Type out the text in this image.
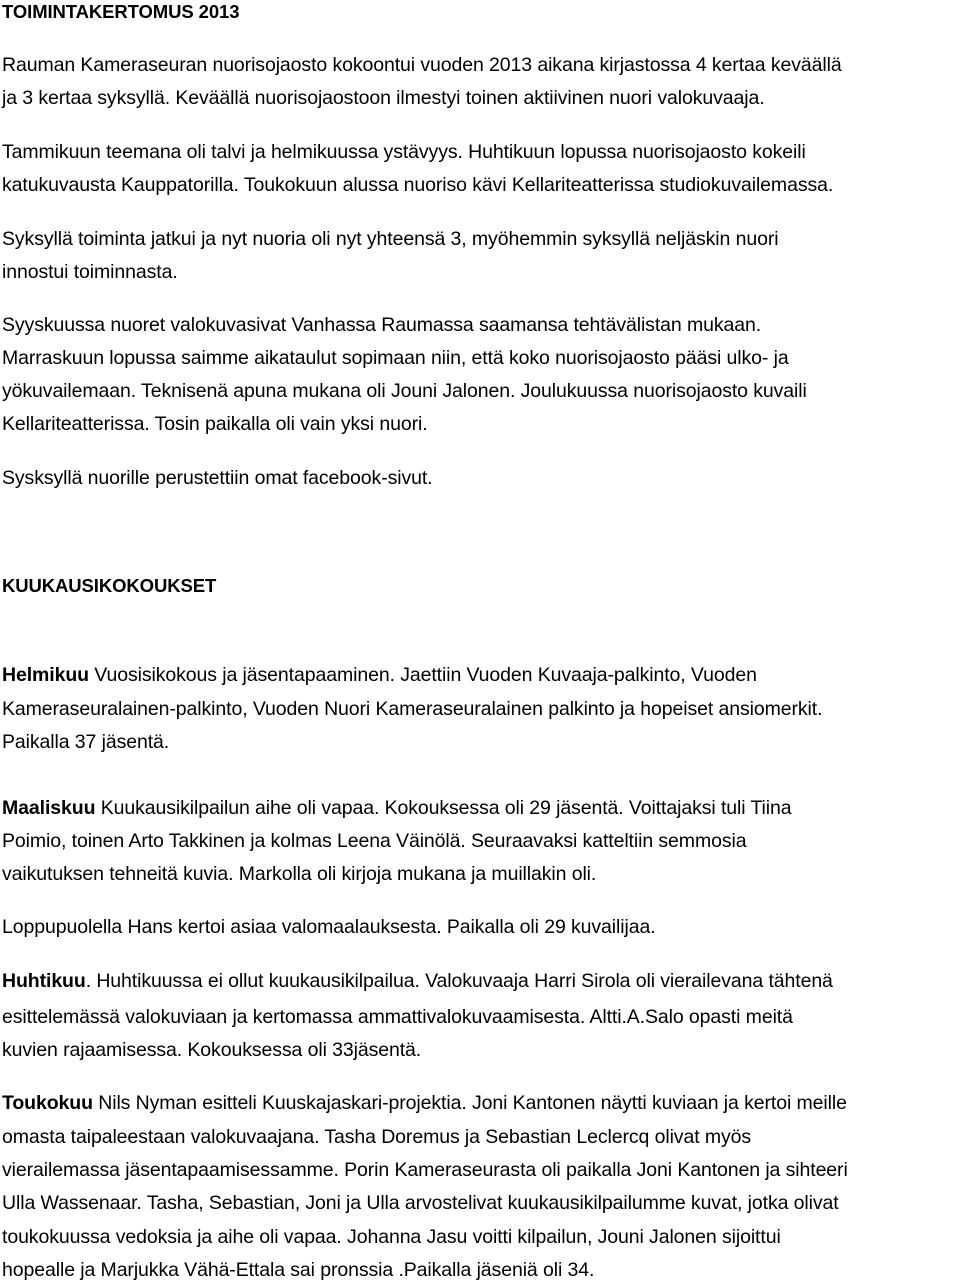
TOIMINTAKERTOMUS 2013
Rauman Kameraseuran nuorisojaosto kokoontui vuoden 2013 aikana kirjastossa 4 kertaa keväällä
ja 3 kertaa syksyllä. Keväällä nuorisojaostoon ilmestyi toinen aktiivinen nuori valokuvaaja.
Tammikuun teemana oli talvi ja helmikuussa ystävyys. Huhtikuun lopussa nuorisojaosto kokeili
katukuvausta Kauppatorilla. Toukokuun alussa nuoriso kävi Kellariteatterissa studiokuvailemassa.
Syksyllä toiminta jatkui ja nyt nuoria oli nyt yhteensä 3, myöhemmin syksyllä neljäskin nuori
innostui toiminnasta.
Syyskuussa nuoret valokuvasivat Vanhassa Raumassa saamansa tehtävälistan mukaan.
Marraskuun lopussa saimme aikataulut sopimaan niin, että koko nuorisojaosto pääsi ulko- ja
yökuvailemaan. Teknisenä apuna mukana oli Jouni Jalonen. Joulukuussa nuorisojaosto kuvaili
Kellariteatterissa. Tosin paikalla oli vain yksi nuori.
Sysksyllä nuorille perustettiin omat facebook-sivut.
KUUKAUSIKOKOUKSET
Helmikuu Vuosisikokous ja jäsentapaaminen. Jaettiin Vuoden Kuvaaja-palkinto, Vuoden
Kameraseuralainen-palkinto, Vuoden Nuori Kameraseuralainen palkinto ja hopeiset ansiomerkit.
Paikalla 37 jäsentä.
Maaliskuu Kuukausikilpailun aihe oli vapaa. Kokouksessa oli 29 jäsentä. Voittajaksi tuli Tiina
Poimio, toinen Arto Takkinen ja kolmas Leena Väinölä. Seuraavaksi katteltiin semmosia
vaikutuksen tehneitä kuvia. Markolla oli kirjoja mukana ja muillakin oli.
Loppupuolella Hans kertoi asiaa valomaalauksesta. Paikalla oli 29 kuvailijaa.
Huhtikuu. Huhtikuussa ei ollut kuukausikilpailua. Valokuvaaja Harri Sirola oli vierailevana tähtenä
esittelemässä valokuviaan ja kertomassa ammattivalokuvaamisesta. Altti.A.Salo opasti meitä
kuvien rajaamisessa. Kokouksessa oli 33jäsentä.
Toukokuu Nils Nyman esitteli Kuuskajaskari-projektia. Joni Kantonen näytti kuviaan ja kertoi meille
omasta taipaleestaan valokuvaajana. Tasha Doremus ja Sebastian Leclercq olivat myös
vierailemassa jäsentapaamisessamme. Porin Kameraseurasta oli paikalla Joni Kantonen ja sihteeri
Ulla Wassenaar. Tasha, Sebastian, Joni ja Ulla arvostelivat kuukausikilpailumme kuvat, jotka olivat
toukokuussa vedoksia ja aihe oli vapaa. Johanna Jasu voitti kilpailun, Jouni Jalonen sijoittui
hopealle ja Marjukka Vähä-Ettala sai pronssia .Paikalla jäseniä oli 34.
